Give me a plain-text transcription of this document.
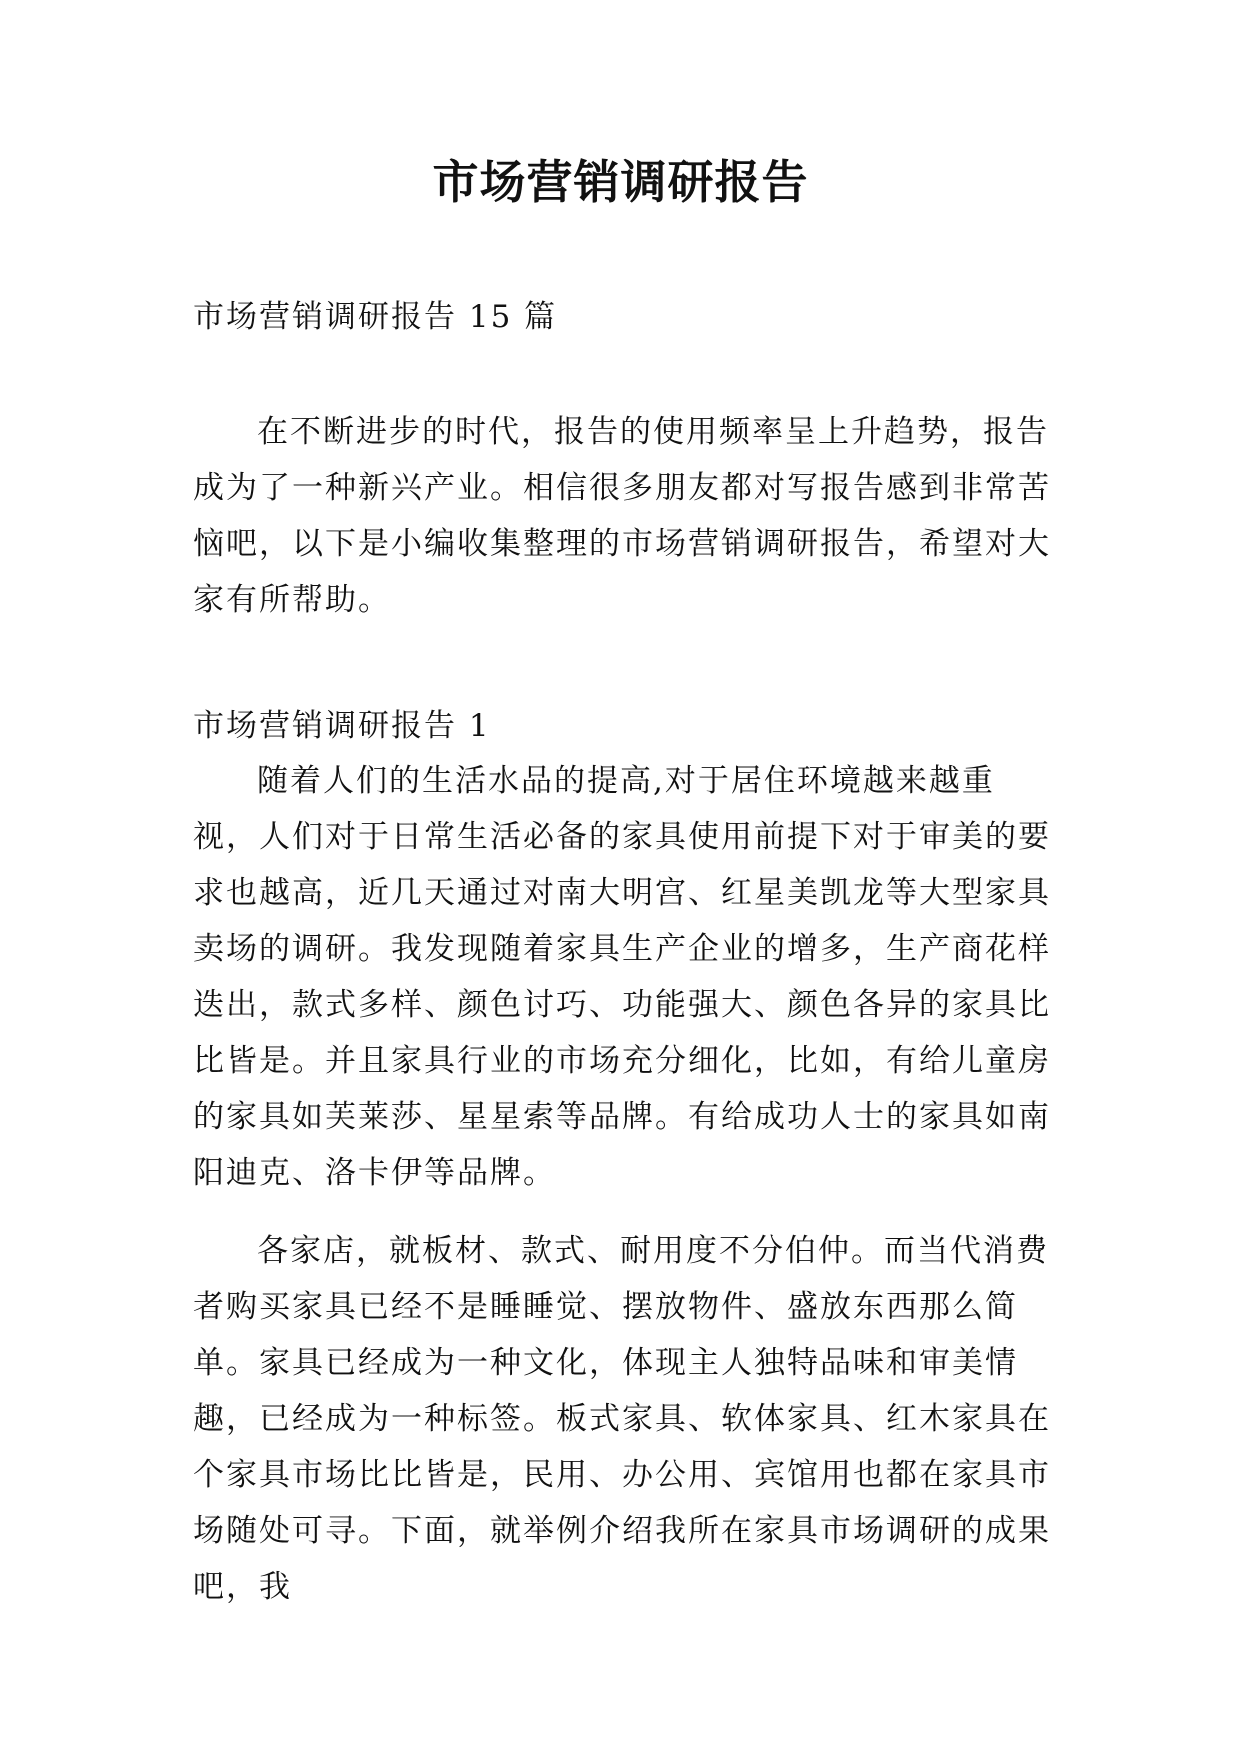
市场营销调研报告
市场营销调研报告 15 篇
在不断进步的时代，报告的使用频率呈上升趋势，报告成为了一种新兴产业。相信很多朋友都对写报告感到非常苦恼吧，以下是小编收集整理的市场营销调研报告，希望对大家有所帮助。
市场营销调研报告 1
随着人们的生活水品的提高,对于居住环境越来越重视，人们对于日常生活必备的家具使用前提下对于审美的要求也越高，近几天通过对南大明宫、红星美凯龙等大型家具卖场的调研。我发现随着家具生产企业的增多，生产商花样迭出，款式多样、颜色讨巧、功能强大、颜色各异的家具比比皆是。并且家具行业的市场充分细化，比如，有给儿童房的家具如芙莱莎、星星索等品牌。有给成功人士的家具如南阳迪克、洛卡伊等品牌。
各家店，就板材、款式、耐用度不分伯仲。而当代消费者购买家具已经不是睡睡觉、摆放物件、盛放东西那么简单。家具已经成为一种文化，体现主人独特品味和审美情趣，已经成为一种标签。板式家具、软体家具、红木家具在个家具市场比比皆是，民用、办公用、宾馆用也都在家具市场随处可寻。下面，就举例介绍我所在家具市场调研的成果吧，我
